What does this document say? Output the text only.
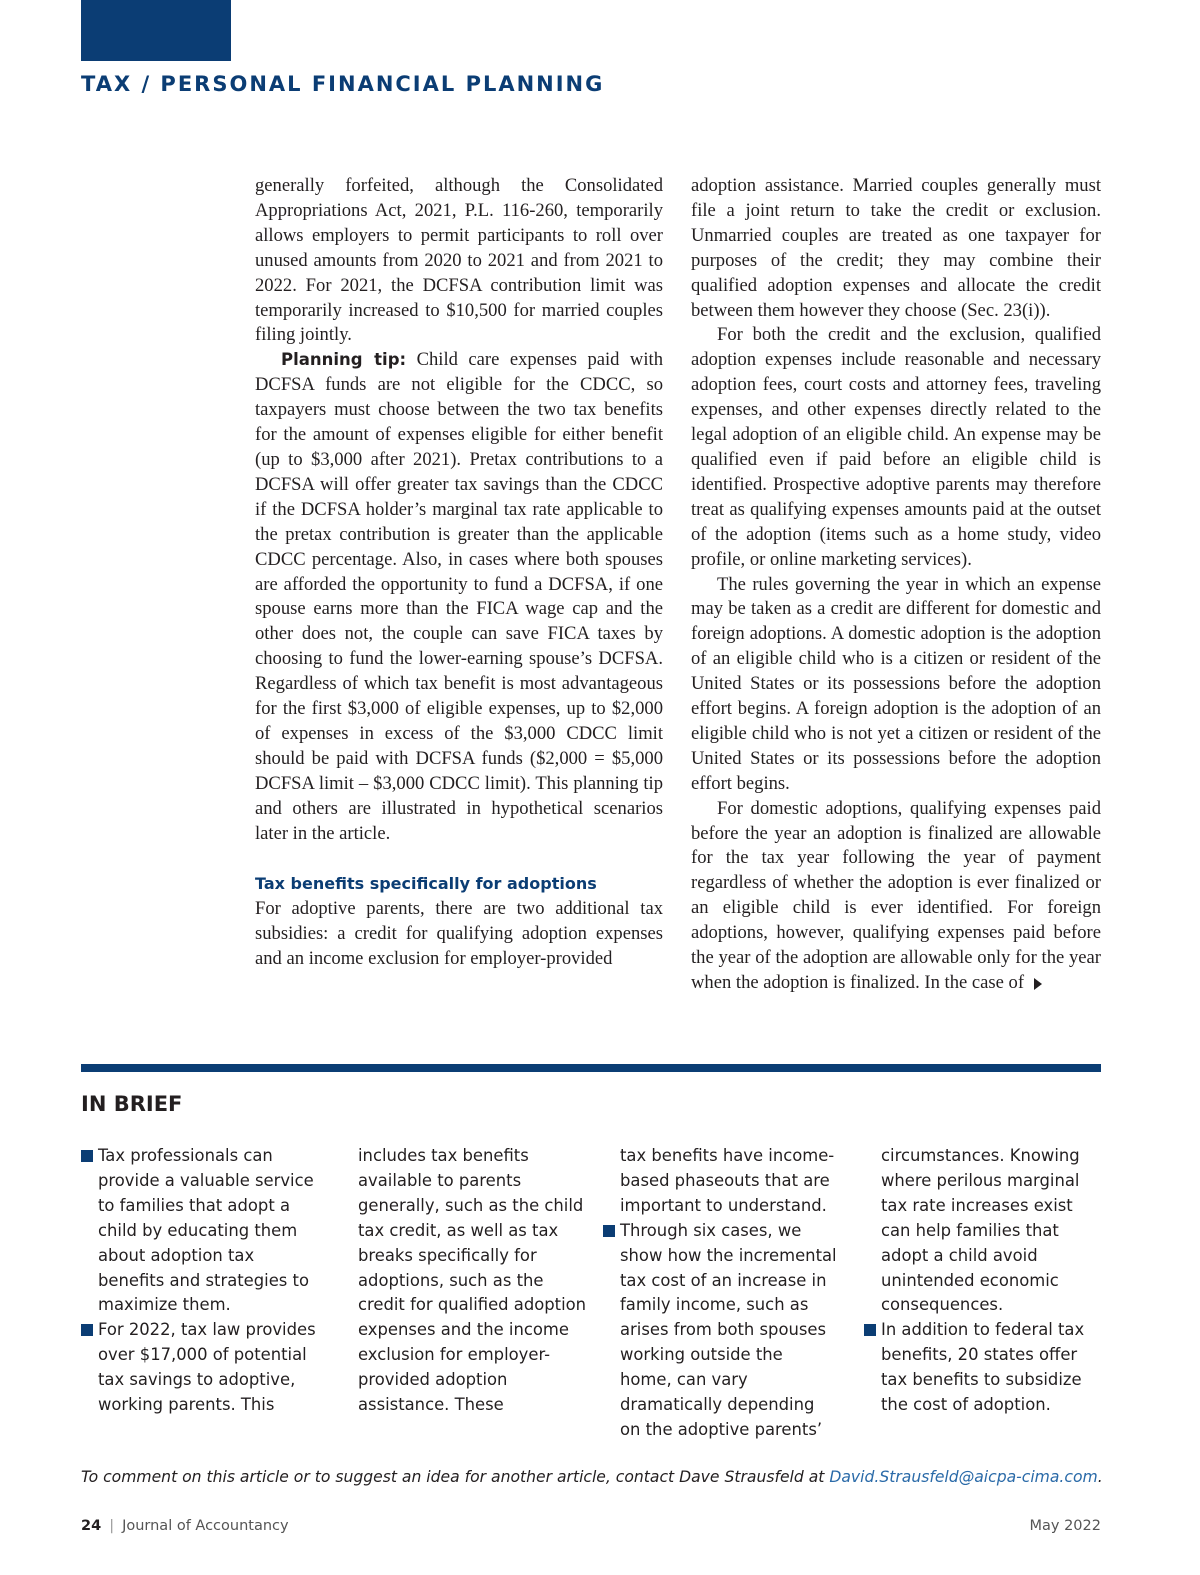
TAX / PERSONAL FINANCIAL PLANNING

generally forfeited, although the Consolidated Appropriations Act, 2021, P.L. 116-260, temporarily allows employers to permit participants to roll over unused amounts from 2020 to 2021 and from 2021 to 2022. For 2021, the DCFSA contribution limit was temporarily increased to $10,500 for married couples filing jointly.

Planning tip: Child care expenses paid with DCFSA funds are not eligible for the CDCC, so taxpayers must choose between the two tax benefits for the amount of expenses eligible for either benefit (up to $3,000 after 2021). Pretax contributions to a DCFSA will offer greater tax savings than the CDCC if the DCFSA holder’s marginal tax rate applicable to the pretax contribution is greater than the applicable CDCC percentage. Also, in cases where both spouses are afforded the opportunity to fund a DCFSA, if one spouse earns more than the FICA wage cap and the other does not, the couple can save FICA taxes by choosing to fund the lower-earning spouse’s DCFSA. Regardless of which tax benefit is most advantageous for the first $3,000 of eligible expenses, up to $2,000 of expenses in excess of the $3,000 CDCC limit should be paid with DCFSA funds ($2,000 = $5,000 DCFSA limit – $3,000 CDCC limit). This planning tip and others are illustrated in hypothetical scenarios later in the article.

Tax benefits specifically for adoptions

For adoptive parents, there are two additional tax subsidies: a credit for qualifying adoption expenses and an income exclusion for employer-provided

adoption assistance. Married couples generally must file a joint return to take the credit or exclusion. Unmarried couples are treated as one taxpayer for purposes of the credit; they may combine their qualified adoption expenses and allocate the credit between them however they choose (Sec. 23(i)).

For both the credit and the exclusion, qualified adoption expenses include reasonable and necessary adoption fees, court costs and attorney fees, traveling expenses, and other expenses directly related to the legal adoption of an eligible child. An expense may be qualified even if paid before an eligible child is identified. Prospective adoptive parents may therefore treat as qualifying expenses amounts paid at the outset of the adoption (items such as a home study, video profile, or online marketing services).

The rules governing the year in which an expense may be taken as a credit are different for domestic and foreign adoptions. A domestic adoption is the adoption of an eligible child who is a citizen or resident of the United States or its possessions before the adoption effort begins. A foreign adoption is the adoption of an eligible child who is not yet a citizen or resident of the United States or its possessions before the adoption effort begins.

For domestic adoptions, qualifying expenses paid before the year an adoption is finalized are allowable for the tax year following the year of payment regardless of whether the adoption is ever finalized or an eligible child is ever identified. For foreign adoptions, however, qualifying expenses paid before the year of the adoption are allowable only for the year when the adoption is finalized. In the case of

IN BRIEF

Tax professionals can provide a valuable service to families that adopt a child by educating them about adoption tax benefits and strategies to maximize them.

For 2022, tax law provides over $17,000 of potential tax savings to adoptive, working parents. This

includes tax benefits available to parents generally, such as the child tax credit, as well as tax breaks specifically for adoptions, such as the credit for qualified adoption expenses and the income exclusion for employer-provided adoption assistance. These

tax benefits have income-based phaseouts that are important to understand.

Through six cases, we show how the incremental tax cost of an increase in family income, such as arises from both spouses working outside the home, can vary dramatically depending on the adoptive parents’

circumstances. Knowing where perilous marginal tax rate increases exist can help families that adopt a child avoid unintended economic consequences.

In addition to federal tax benefits, 20 states offer tax benefits to subsidize the cost of adoption.

To comment on this article or to suggest an idea for another article, contact Dave Strausfeld at David.Strausfeld@aicpa-cima.com.
24 | Journal of Accountancy	May 2022
